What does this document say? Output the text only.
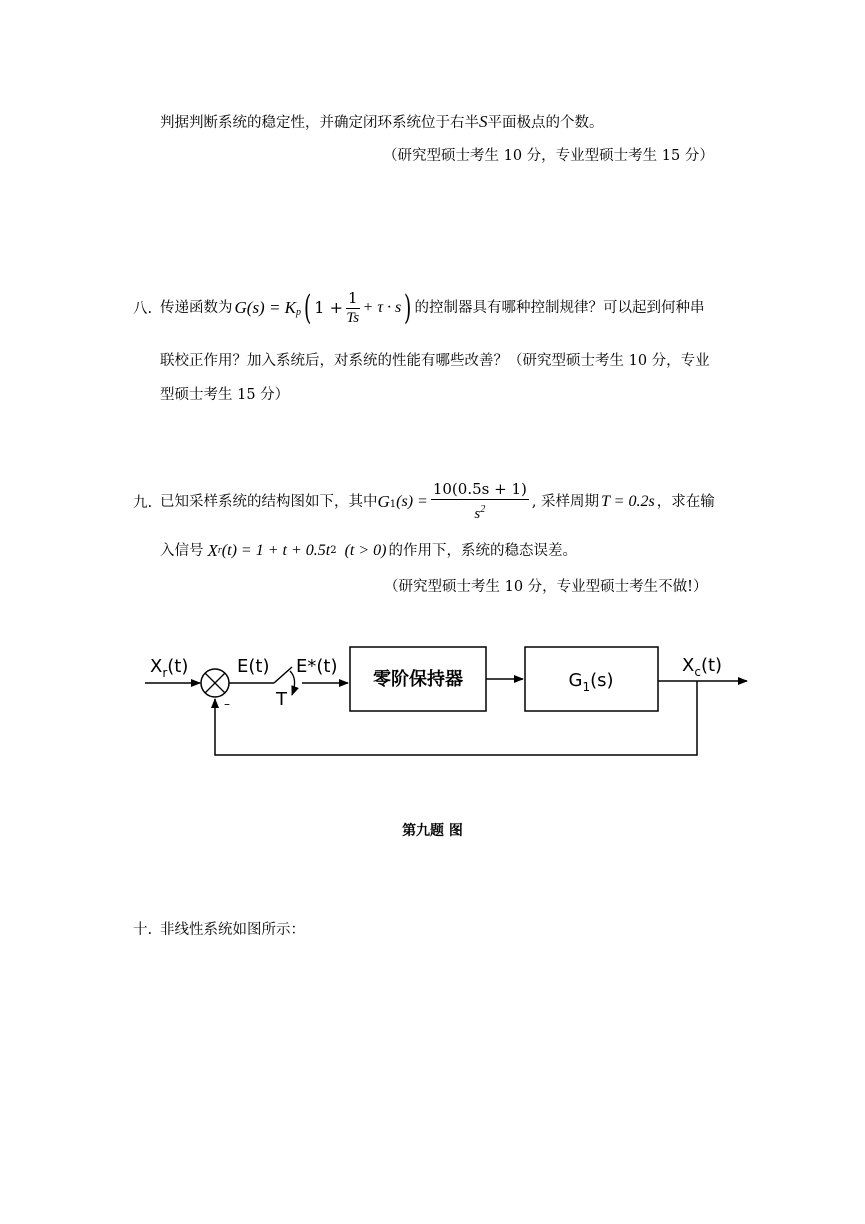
判据判断系统的稳定性，并确定闭环系统位于右半S平面极点的个数。
（研究型硕士考生 10 分，专业型硕士考生 15 分）
八. 传递函数为 $G(s) = K_p$ ( $1 + \frac{1}{Ts} + \tau \cdot s$ ) 的控制器具有哪种控制规律？可以起到何种串
联校正作用？加入系统后，对系统的性能有哪些改善？（研究型硕士考生 10 分，专业
型硕士考生 15 分）
九. 已知采样系统的结构图如下，其中 $G_1$ $(s) = \frac{10(0.5s + 1)}{s^2}$ , 采样周期 T = 0.2s ，求在输
入信号 X r (t) = 1 + t + 0.5t 2 (t > 0) 的作用下，系统的稳态误差。
（研究型硕士考生 10 分，专业型硕士考生不做!）
$X_r(t)$
–
E(t)
T
E*(t)
零阶保持器	$G_1(s)$
$X_c(t)$
第九题 图
十. 非线性系统如图所示：
